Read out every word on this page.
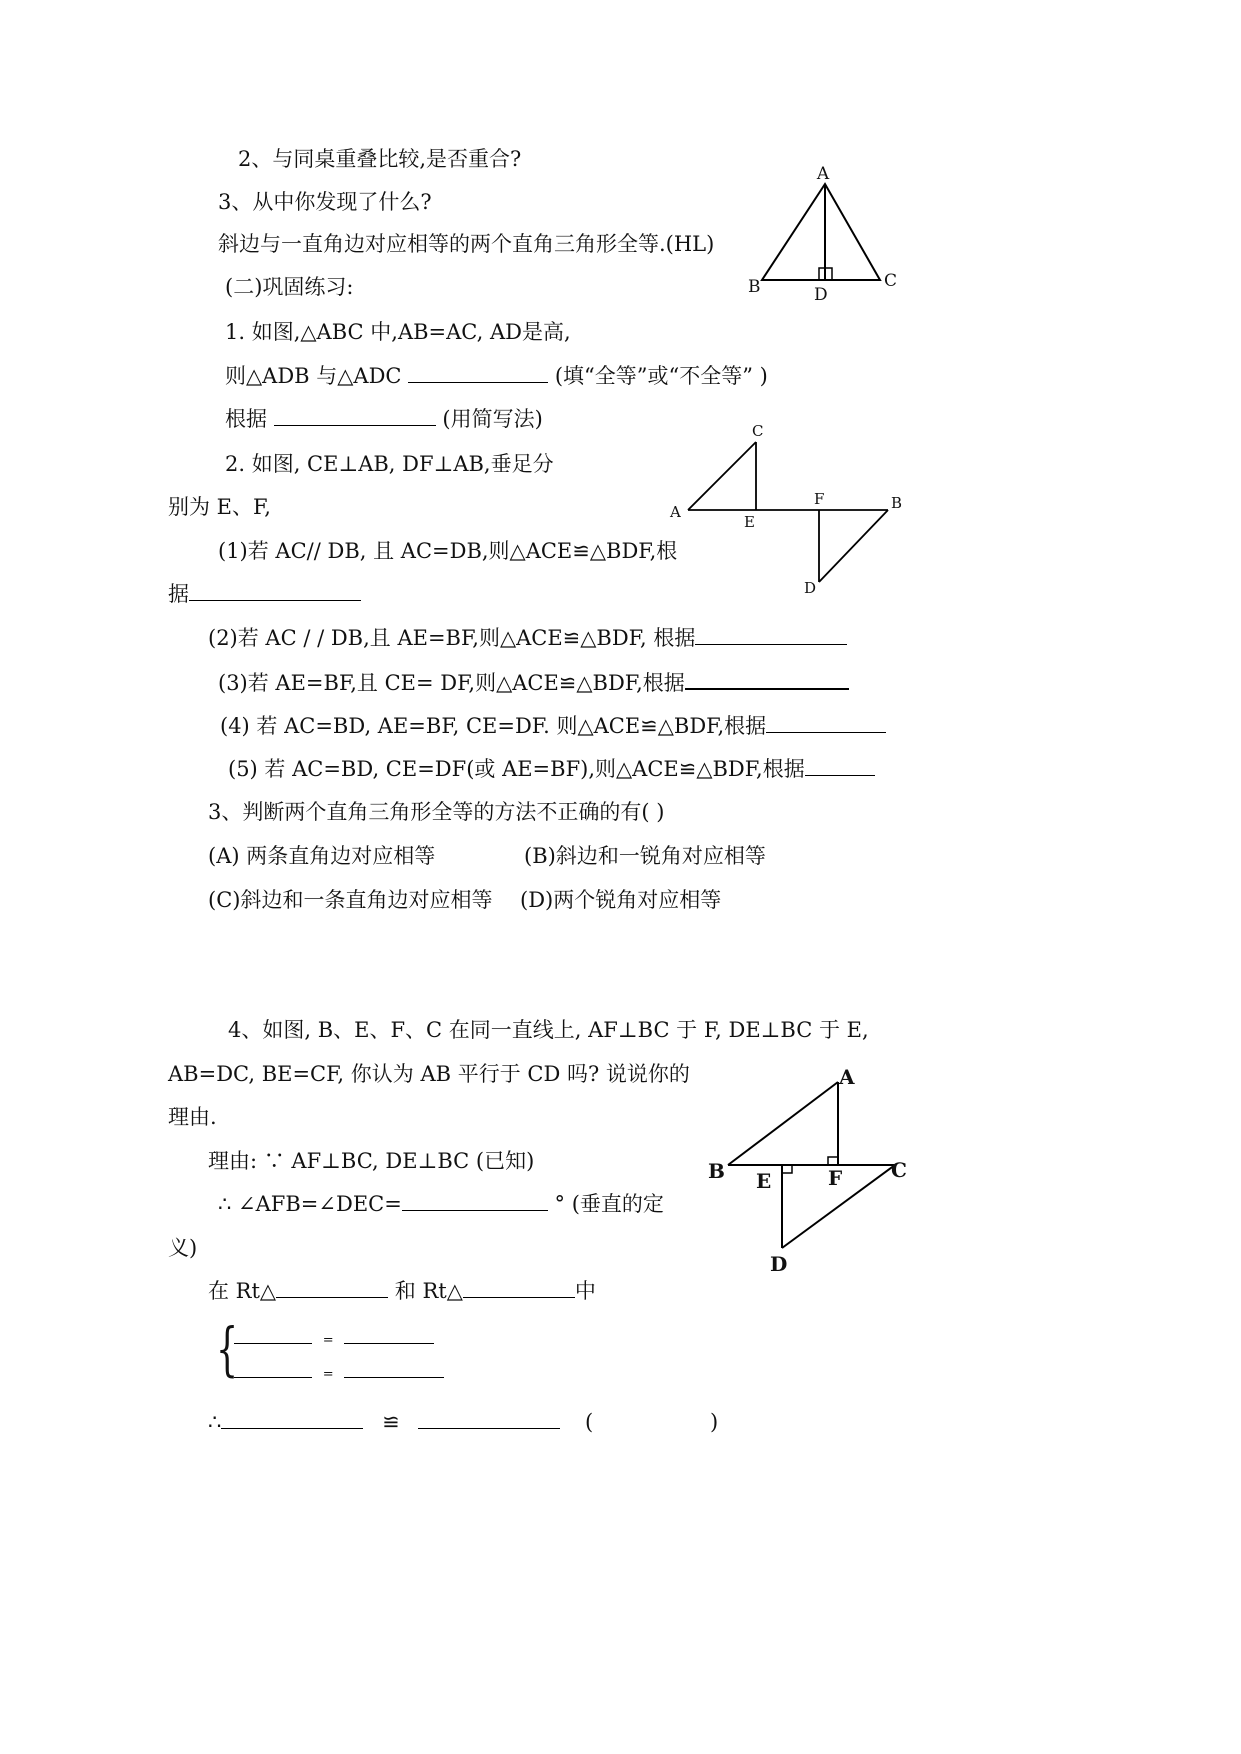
2、与同桌重叠比较,是否重合?
3、从中你发现了什么?
斜边与一直角边对应相等的两个直角三角形全等.(HL)
(二)巩固练习:
1. 如图,△ABC 中,AB=AC, AD是高,
则△ADB 与△ADC	(填“全等”或“不全等” )
根据	(用简写法)
2. 如图, CE⊥AB, DF⊥AB,垂足分
别为 E、F,
(1)若 AC// DB, 且 AC=DB,则△ACE≌△BDF,根
据
(2)若 AC / / DB,且 AE=BF,则△ACE≌△BDF, 根据
(3)若 AE=BF,且 CE= DF,则△ACE≌△BDF,根据
(4) 若 AC=BD, AE=BF, CE=DF. 则△ACE≌△BDF,根据
(5) 若 AC=BD, CE=DF(或 AE=BF),则△ACE≌△BDF,根据
3、判断两个直角三角形全等的方法不正确的有( )
(A) 两条直角边对应相等	(B)斜边和一锐角对应相等
(C)斜边和一条直角边对应相等 (D)两个锐角对应相等
4、如图, B、E、F、C 在同一直线上, AF⊥BC 于 F, DE⊥BC 于 E,
AB=DC, BE=CF, 你认为 AB 平行于 CD 吗? 说说你的
理由.
理由: ∵ AF⊥BC, DE⊥BC (已知)
∴ ∠AFB=∠DEC=	° (垂直的定
义)
在 Rt△	和 Rt△	中
{	=
=
∴	≌	(	)
A
B	C
D
C
A
E
F	B
D
A
B E	F C
D
